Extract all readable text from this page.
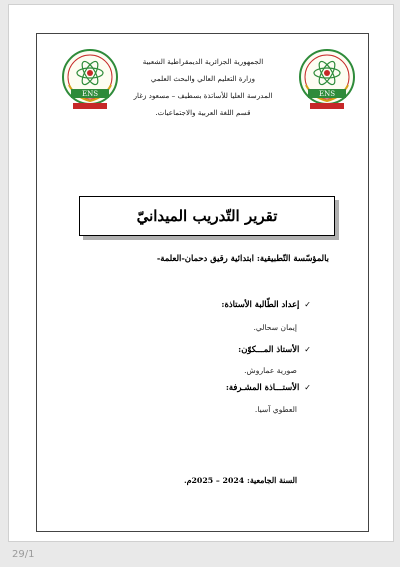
ENS	ENS
الجمهورية الجزائرية الديمقراطية الشعبية
وزارة التعليم العالي والبحث العلمي
المدرسة العليا للأساتذة بسطيف – مسعود زغار
قسم اللغة العربية والاجتماعيات.
تقرير التّدريب الميدانيّ
بالمؤسّسة التّطبيقية: ابتدائية رقيق دحمان-العلمة-
✓إعداد الطّالبة الأستاذة:
إيمان سحالي.
✓الأستاذ المـــكوّن:
صورية عماروش.
✓الأستـــاذة المشـرفة:
العطوي آسيا.
السنة الجامعية: 2024 – 2025م.
29/1
